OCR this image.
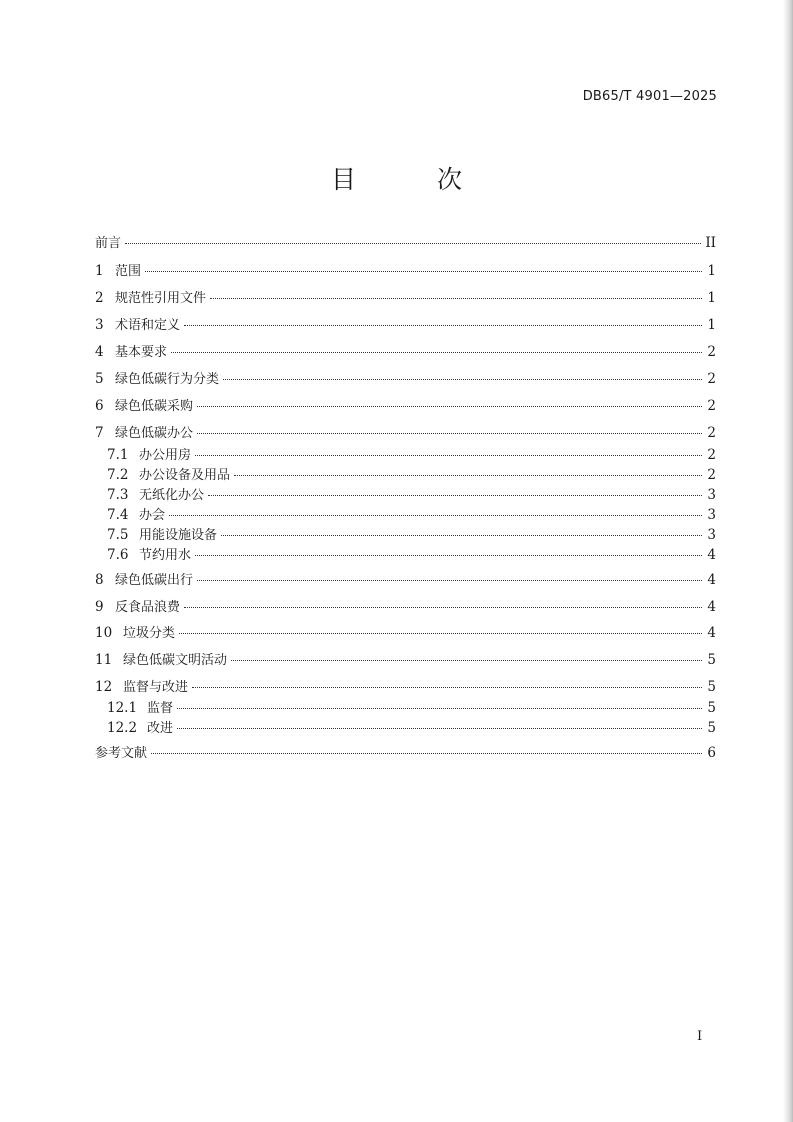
DB65/T 4901—2025
目　次
前言	II
1 范围	1
2 规范性引用文件	1
3 术语和定义	1
4 基本要求	2
5 绿色低碳行为分类	2
6 绿色低碳采购	2
7 绿色低碳办公	2
7.1 办公用房	2
7.2 办公设备及用品	2
7.3 无纸化办公	3
7.4 办会	3
7.5 用能设施设备	3
7.6 节约用水	4
8 绿色低碳出行	4
9 反食品浪费	4
10 垃圾分类	4
11 绿色低碳文明活动	5
12 监督与改进	5
12.1 监督	5
12.2 改进	5
参考文献	6
I
